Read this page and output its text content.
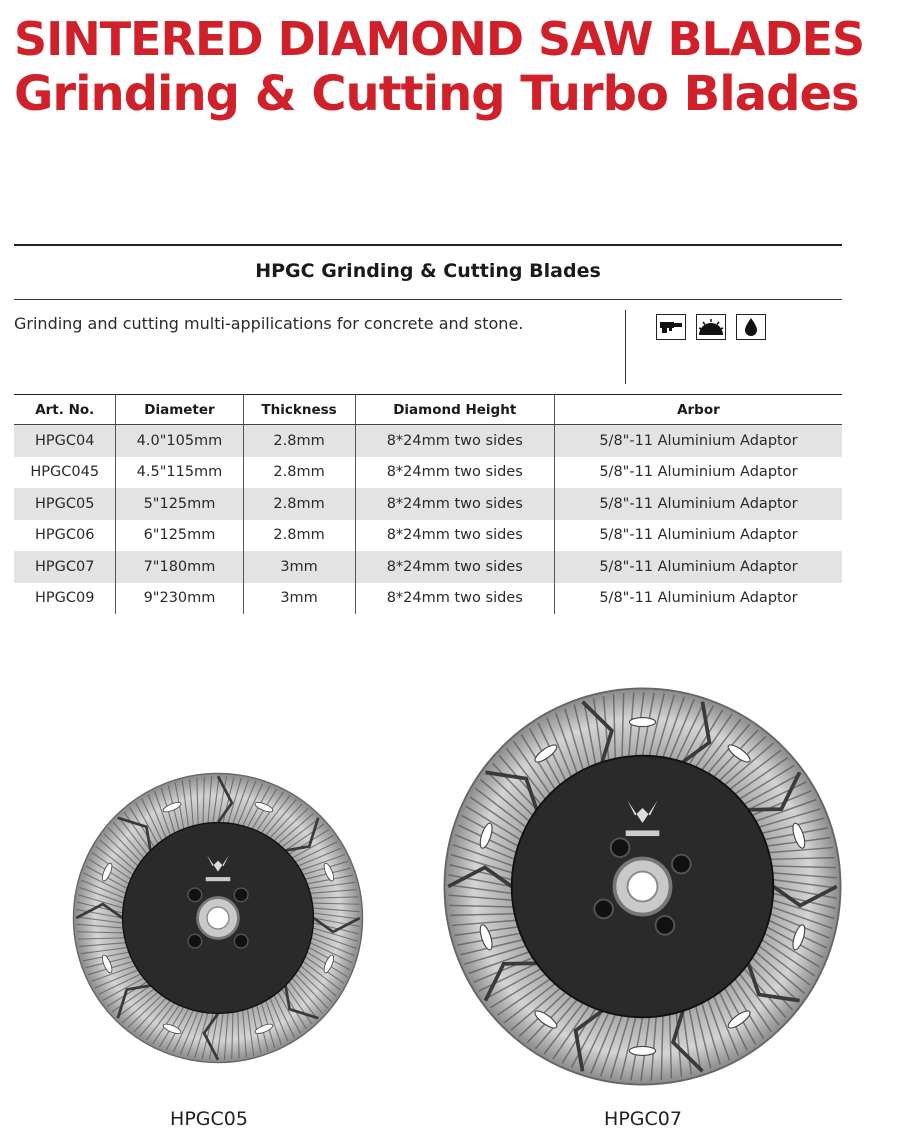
SINTERED DIAMOND SAW BLADES
Grinding & Cutting Turbo Blades
HPGC Grinding & Cutting Blades
Grinding and cutting multi-appilications for concrete and stone.
Art. No.	Diameter	Thickness	Diamond Height	Arbor
HPGC04	4.0"105mm	2.8mm	8*24mm two sides	5/8"-11 Aluminium Adaptor
HPGC045	4.5"115mm	2.8mm	8*24mm two sides	5/8"-11 Aluminium Adaptor
HPGC05	5"125mm	2.8mm	8*24mm two sides	5/8"-11 Aluminium Adaptor
HPGC06	6"125mm	2.8mm	8*24mm two sides	5/8"-11 Aluminium Adaptor
HPGC07	7"180mm	3mm	8*24mm two sides	5/8"-11 Aluminium Adaptor
HPGC09	9"230mm	3mm	8*24mm two sides	5/8"-11 Aluminium Adaptor
HPGC05	HPGC07
